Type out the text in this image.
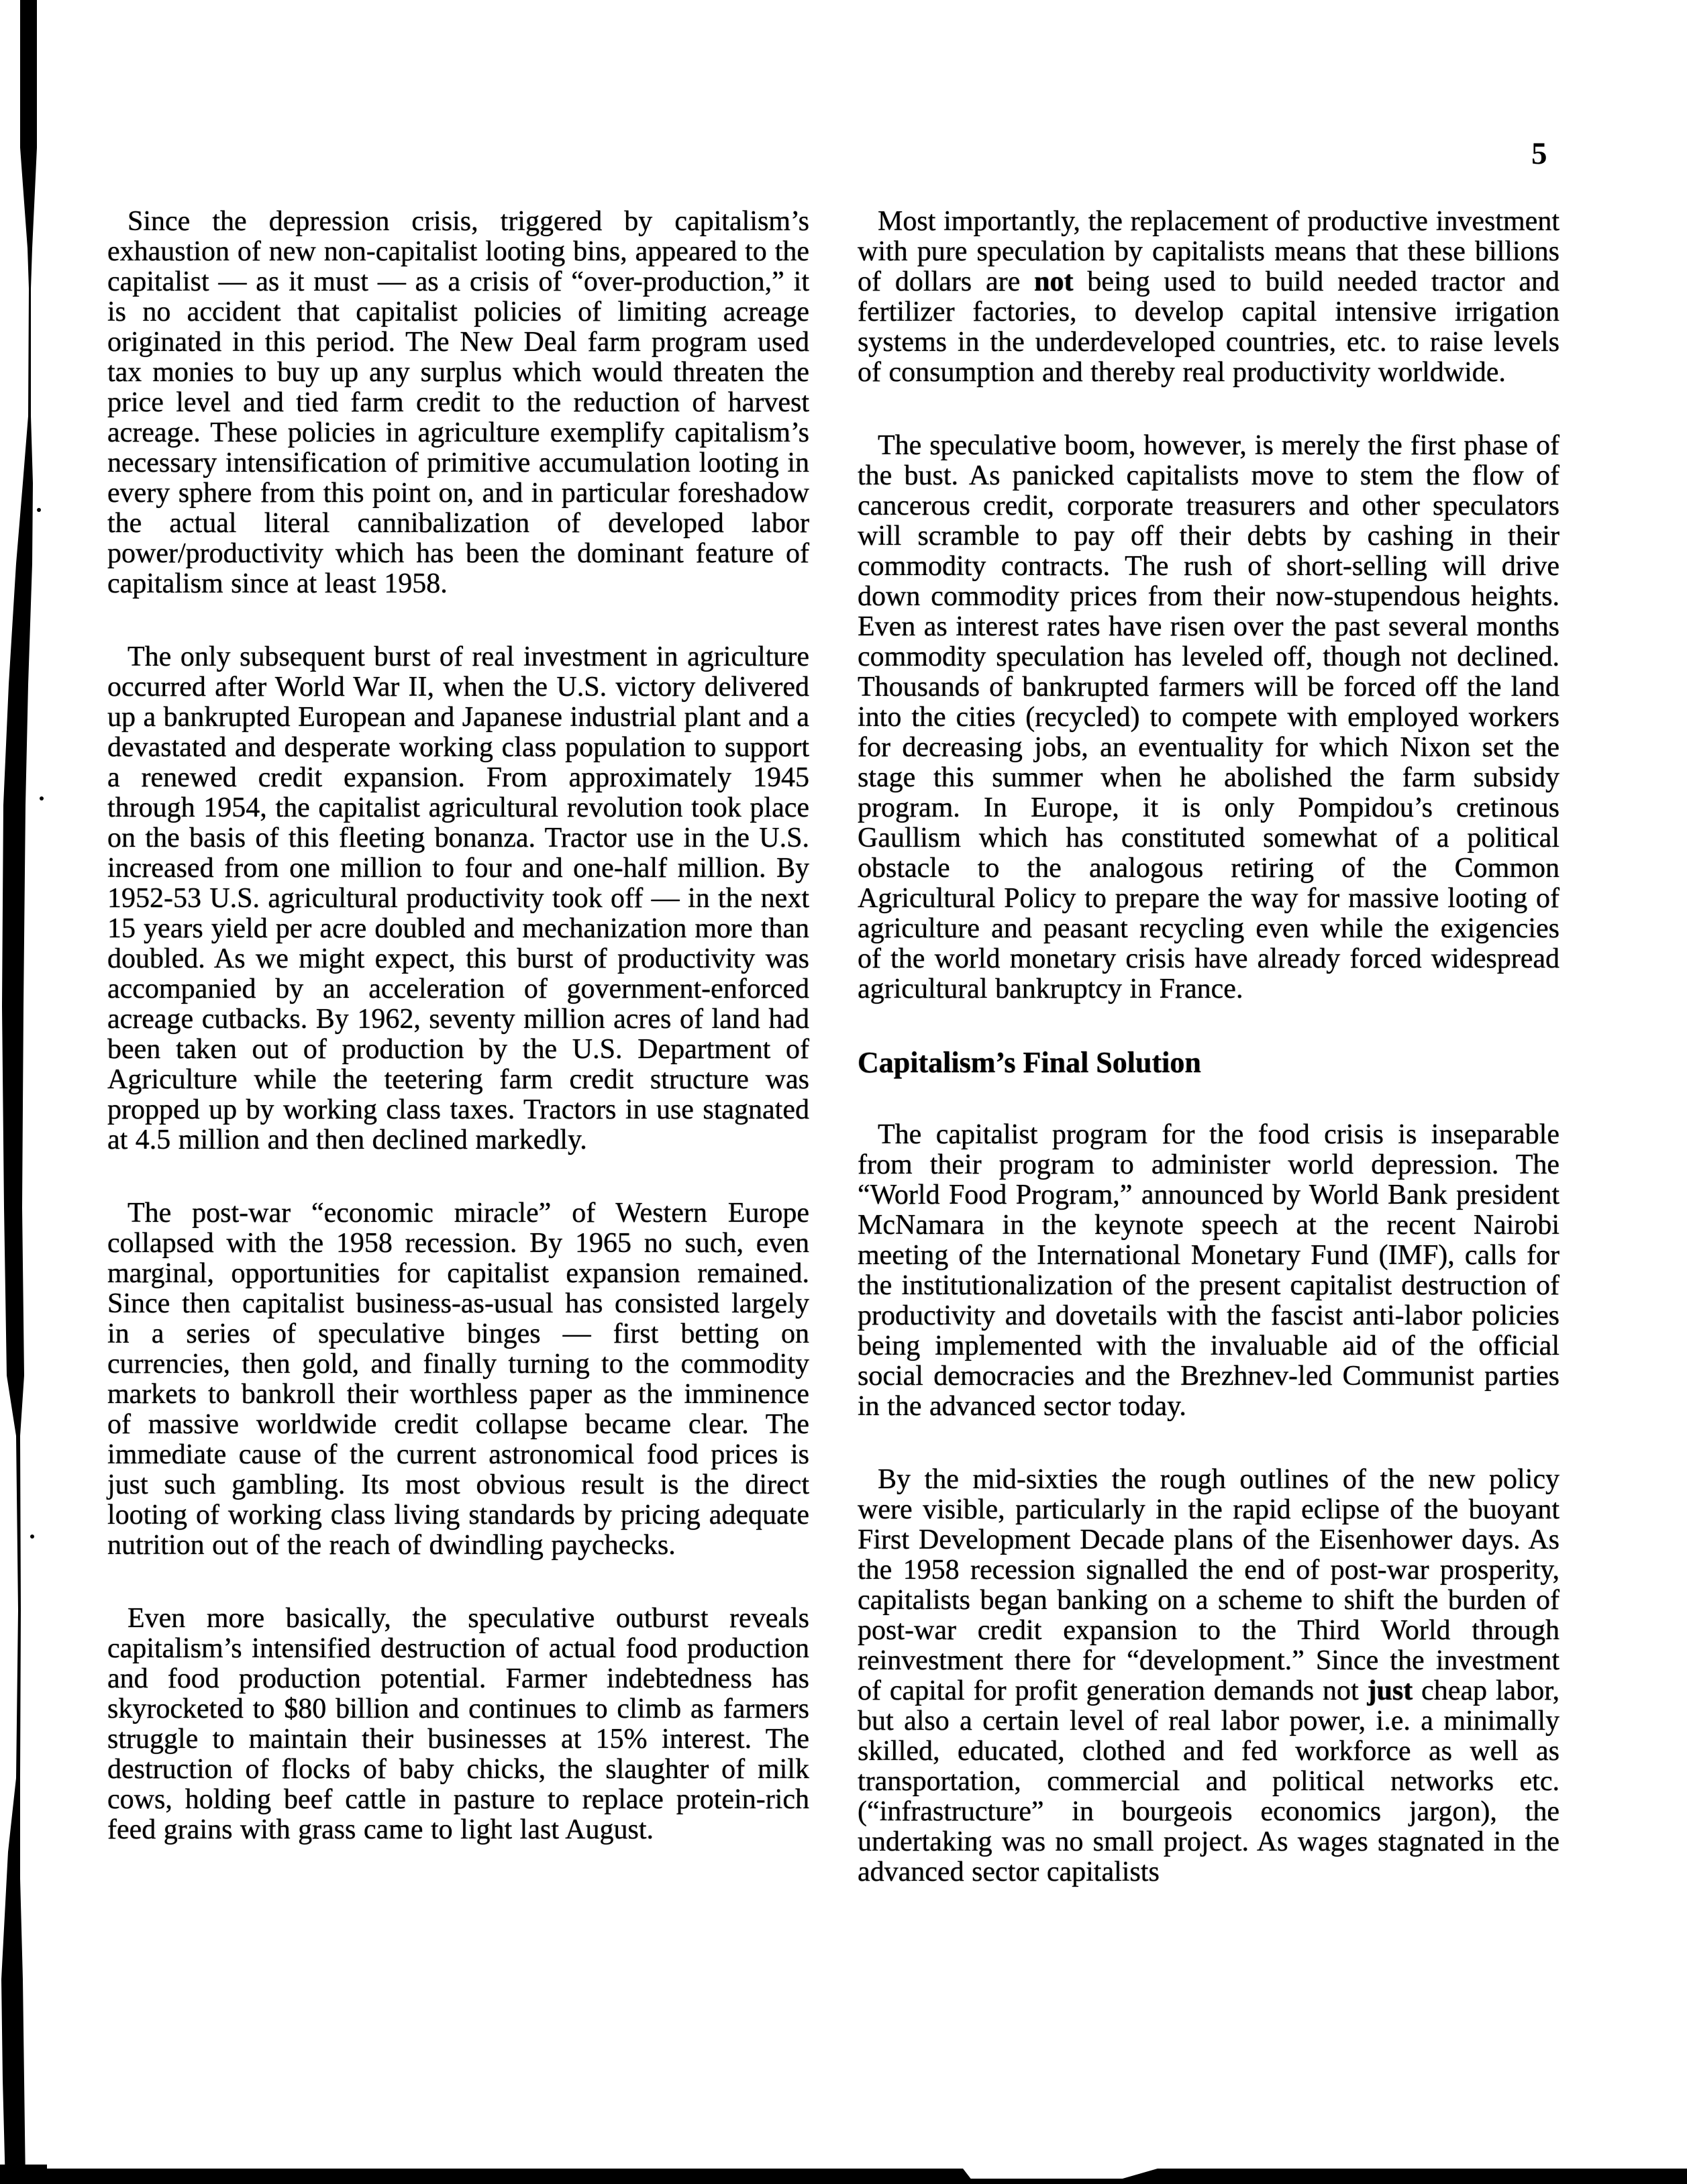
5

Since the depression crisis, triggered by capitalism’s exhaustion of new non-capitalist looting bins, appeared to the capitalist — as it must — as a crisis of “over-production,” it is no accident that capitalist policies of limiting acreage originated in this period. The New Deal farm program used tax monies to buy up any surplus which would threaten the price level and tied farm credit to the reduction of harvest acreage. These policies in agriculture exemplify capitalism’s necessary intensification of primitive accumulation looting in every sphere from this point on, and in particular foreshadow the actual literal cannibalization of developed labor power/productivity which has been the dominant feature of capitalism since at least 1958.

The only subsequent burst of real investment in agriculture occurred after World War II, when the U.S. victory delivered up a bankrupted European and Japanese industrial plant and a devastated and desperate working class population to support a renewed credit expansion. From approximately 1945 through 1954, the capitalist agricultural revolution took place on the basis of this fleeting bonanza. Tractor use in the U.S. increased from one million to four and one-half million. By 1952-53 U.S. agricultural productivity took off — in the next 15 years yield per acre doubled and mechanization more than doubled. As we might expect, this burst of productivity was accompanied by an acceleration of government-enforced acreage cutbacks. By 1962, seventy million acres of land had been taken out of production by the U.S. Department of Agriculture while the teetering farm credit structure was propped up by working class taxes. Tractors in use stagnated at 4.5 million and then declined markedly.

The post-war “economic miracle” of Western Europe collapsed with the 1958 recession. By 1965 no such, even marginal, opportunities for capitalist expansion remained. Since then capitalist business-as-usual has consisted largely in a series of speculative binges — first betting on currencies, then gold, and finally turning to the commodity markets to bankroll their worthless paper as the imminence of massive worldwide credit collapse became clear. The immediate cause of the current astronomical food prices is just such gambling. Its most obvious result is the direct looting of working class living standards by pricing adequate nutrition out of the reach of dwindling paychecks.

Even more basically, the speculative outburst reveals capitalism’s intensified destruction of actual food production and food production potential. Farmer indebtedness has skyrocketed to $80 billion and continues to climb as farmers struggle to maintain their businesses at 15% interest. The destruction of flocks of baby chicks, the slaughter of milk cows, holding beef cattle in pasture to replace protein-rich feed grains with grass came to light last August.

Most importantly, the replacement of productive investment with pure speculation by capitalists means that these billions of dollars are not being used to build needed tractor and fertilizer factories, to develop capital intensive irrigation systems in the underdeveloped countries, etc. to raise levels of consumption and thereby real productivity worldwide.

The speculative boom, however, is merely the first phase of the bust. As panicked capitalists move to stem the flow of cancerous credit, corporate treasurers and other speculators will scramble to pay off their debts by cashing in their commodity contracts. The rush of short-selling will drive down commodity prices from their now-stupendous heights. Even as interest rates have risen over the past several months commodity speculation has leveled off, though not declined. Thousands of bankrupted farmers will be forced off the land into the cities (recycled) to compete with employed workers for decreasing jobs, an eventuality for which Nixon set the stage this summer when he abolished the farm subsidy program. In Europe, it is only Pompidou’s cretinous Gaullism which has constituted somewhat of a political obstacle to the analogous retiring of the Common Agricultural Policy to prepare the way for massive looting of agriculture and peasant recycling even while the exigencies of the world monetary crisis have already forced widespread agricultural bankruptcy in France.

Capitalism’s Final Solution

The capitalist program for the food crisis is inseparable from their program to administer world depression. The “World Food Program,” announced by World Bank president McNamara in the keynote speech at the recent Nairobi meeting of the International Monetary Fund (IMF), calls for the institutionalization of the present capitalist destruction of productivity and dovetails with the fascist anti-labor policies being implemented with the invaluable aid of the official social democracies and the Brezhnev-led Communist parties in the advanced sector today.

By the mid-sixties the rough outlines of the new policy were visible, particularly in the rapid eclipse of the buoyant First Development Decade plans of the Eisenhower days. As the 1958 recession signalled the end of post-war prosperity, capitalists began banking on a scheme to shift the burden of post-war credit expansion to the Third World through reinvestment there for “development.” Since the investment of capital for profit generation demands not just cheap labor, but also a certain level of real labor power, i.e. a minimally skilled, educated, clothed and fed workforce as well as transportation, commercial and political networks etc. (“infrastructure” in bourgeois economics jargon), the undertaking was no small project. As wages stagnated in the advanced sector capitalists
